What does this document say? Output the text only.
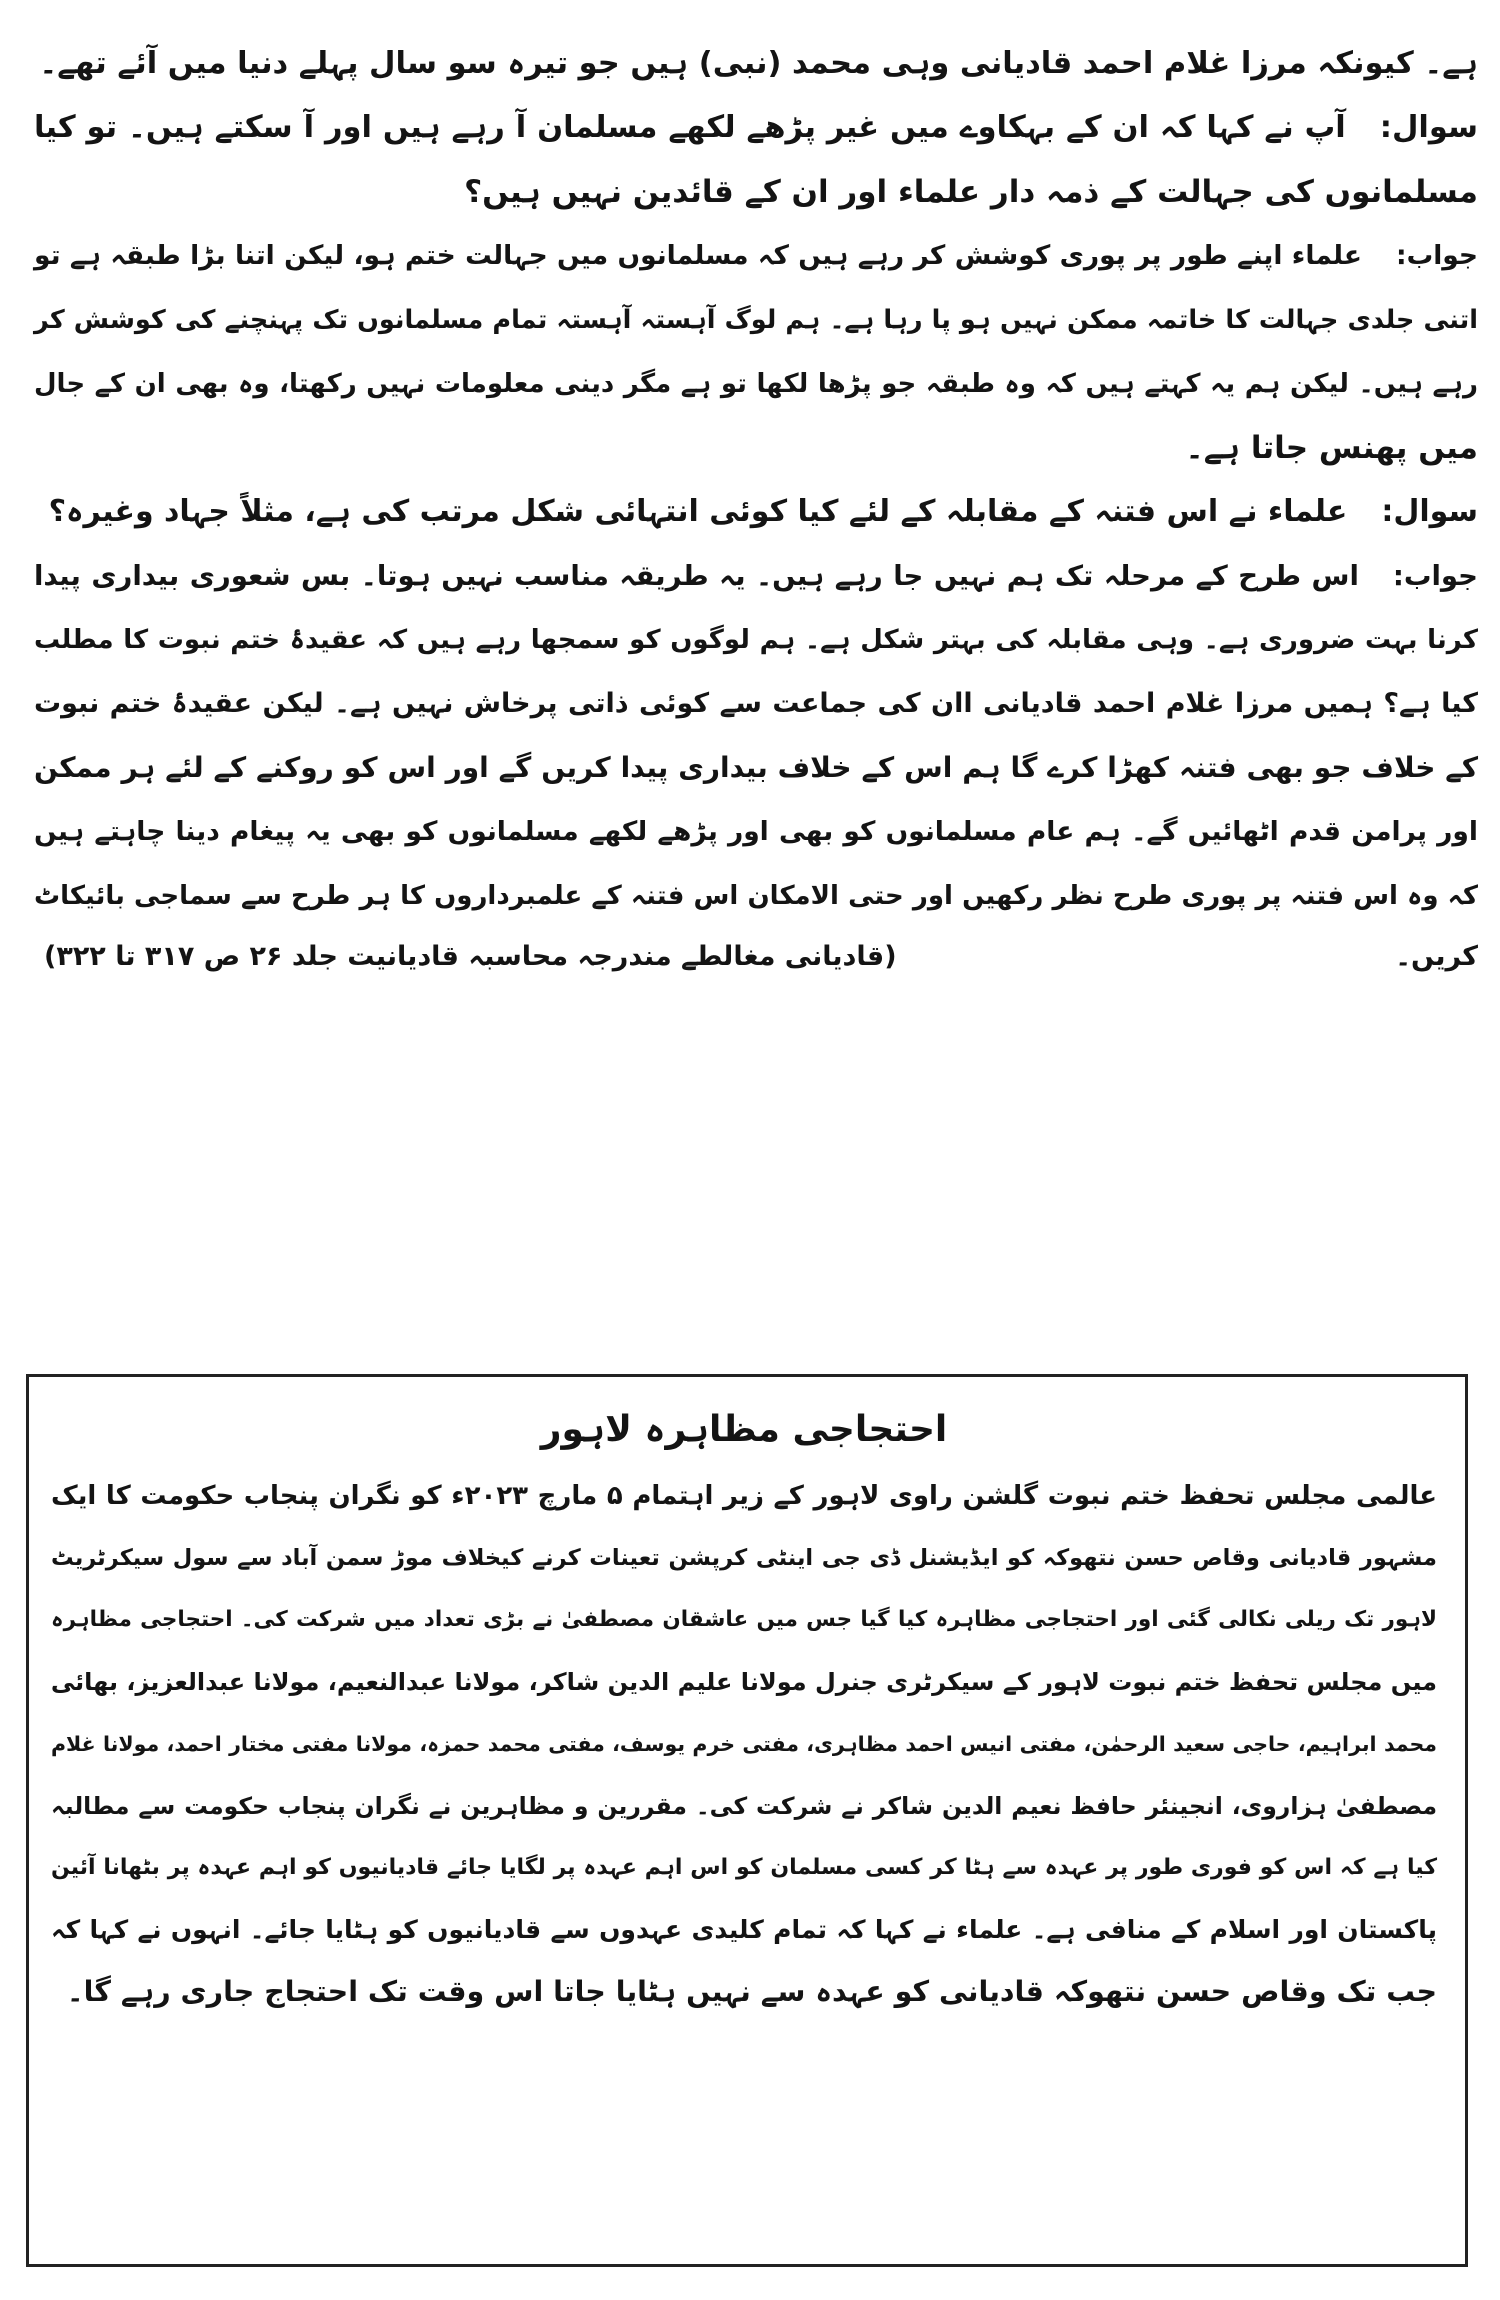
ہے۔ کیونکہ مرزا غلام احمد قادیانی وہی محمد (نبی) ہیں جو تیرہ سو سال پہلے دنیا میں آئے تھے۔
سوال:آپ نے کہا کہ ان کے بہکاوے میں غیر پڑھے لکھے مسلمان آ رہے ہیں اور آ سکتے ہیں۔ تو کیا
مسلمانوں کی جہالت کے ذمہ دار علماء اور ان کے قائدین نہیں ہیں؟
جواب:علماء اپنے طور پر پوری کوشش کر رہے ہیں کہ مسلمانوں میں جہالت ختم ہو، لیکن اتنا بڑا طبقہ ہے تو
اتنی جلدی جہالت کا خاتمہ ممکن نہیں ہو پا رہا ہے۔ ہم لوگ آہستہ آہستہ تمام مسلمانوں تک پہنچنے کی کوشش کر
رہے ہیں۔ لیکن ہم یہ کہتے ہیں کہ وہ طبقہ جو پڑھا لکھا تو ہے مگر دینی معلومات نہیں رکھتا، وہ بھی ان کے جال
میں پھنس جاتا ہے۔
سوال:علماء نے اس فتنہ کے مقابلہ کے لئے کیا کوئی انتہائی شکل مرتب کی ہے، مثلاً جہاد وغیرہ؟
جواب:اس طرح کے مرحلہ تک ہم نہیں جا رہے ہیں۔ یہ طریقہ مناسب نہیں ہوتا۔ بس شعوری بیداری پیدا
کرنا بہت ضروری ہے۔ وہی مقابلہ کی بہتر شکل ہے۔ ہم لوگوں کو سمجھا رہے ہیں کہ عقیدۂ ختم نبوت کا مطلب
کیا ہے؟ ہمیں مرزا غلام احمد قادیانی اان کی جماعت سے کوئی ذاتی پرخاش نہیں ہے۔ لیکن عقیدۂ ختم نبوت
کے خلاف جو بھی فتنہ کھڑا کرے گا ہم اس کے خلاف بیداری پیدا کریں گے اور اس کو روکنے کے لئے ہر ممکن
اور پرامن قدم اٹھائیں گے۔ ہم عام مسلمانوں کو بھی اور پڑھے لکھے مسلمانوں کو بھی یہ پیغام دینا چاہتے ہیں
کہ وہ اس فتنہ پر پوری طرح نظر رکھیں اور حتی الامکان اس فتنہ کے علمبرداروں کا ہر طرح سے سماجی بائیکاٹ
کریں۔
(قادیانی مغالطے مندرجہ محاسبہ قادیانیت جلد ۲۶ ص ۳۱۷ تا ۳۲۲)
احتجاجی مظاہرہ لاہور
عالمی مجلس تحفظ ختم نبوت گلشن راوی لاہور کے زیر اہتمام ۵ مارچ ۲۰۲۳ء کو نگران پنجاب حکومت کا ایک
مشہور قادیانی وقاص حسن نتھوکہ کو ایڈیشنل ڈی جی اینٹی کرپشن تعینات کرنے کیخلاف موڑ سمن آباد سے سول سیکرٹریٹ
لاہور تک ریلی نکالی گئی اور احتجاجی مظاہرہ کیا گیا جس میں عاشقان مصطفیٰ نے بڑی تعداد میں شرکت کی۔ احتجاجی مظاہرہ
میں مجلس تحفظ ختم نبوت لاہور کے سیکرٹری جنرل مولانا علیم الدین شاکر، مولانا عبدالنعیم، مولانا عبدالعزیز، بھائی
محمد ابراہیم، حاجی سعید الرحمٰن، مفتی انیس احمد مظاہری، مفتی خرم یوسف، مفتی محمد حمزہ، مولانا مفتی مختار احمد، مولانا غلام
مصطفیٰ ہزاروی، انجینئر حافظ نعیم الدین شاکر نے شرکت کی۔ مقررین و مظاہرین نے نگران پنجاب حکومت سے مطالبہ
کیا ہے کہ اس کو فوری طور پر عہدہ سے ہٹا کر کسی مسلمان کو اس اہم عہدہ پر لگایا جائے قادیانیوں کو اہم عہدہ پر بٹھانا آئین
پاکستان اور اسلام کے منافی ہے۔ علماء نے کہا کہ تمام کلیدی عہدوں سے قادیانیوں کو ہٹایا جائے۔ انہوں نے کہا کہ
جب تک وقاص حسن نتھوکہ قادیانی کو عہدہ سے نہیں ہٹایا جاتا اس وقت تک احتجاج جاری رہے گا۔
